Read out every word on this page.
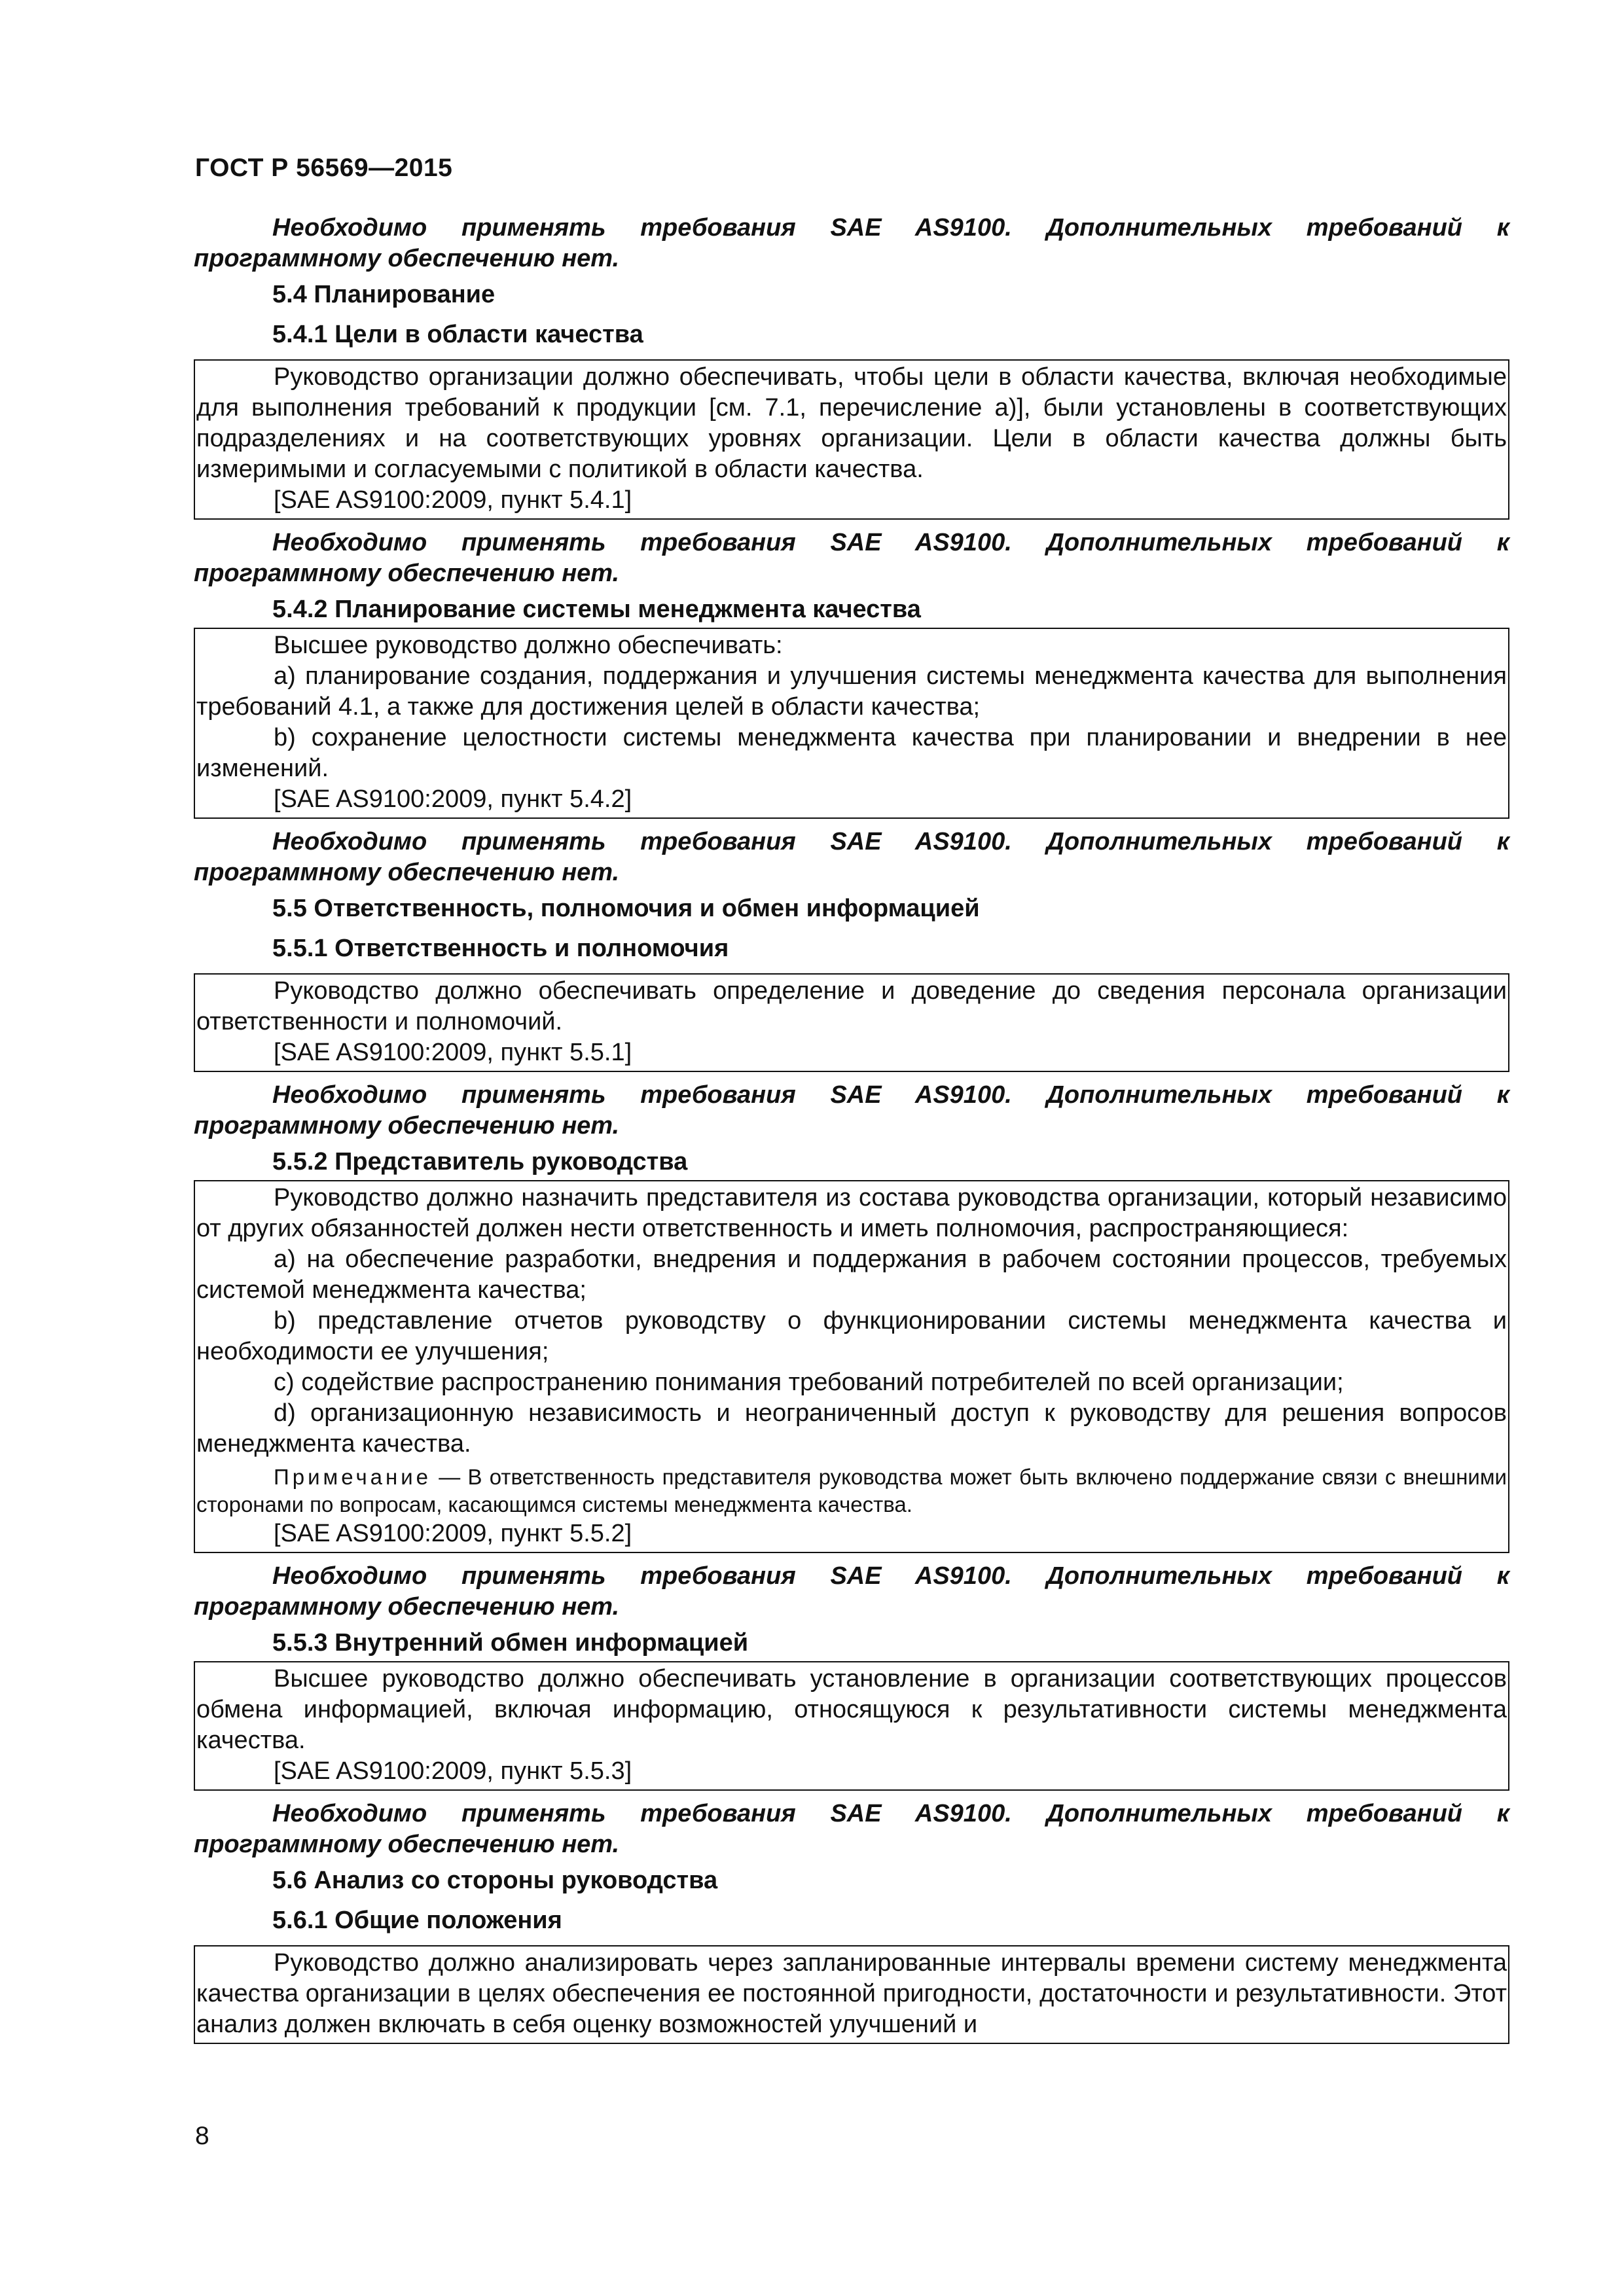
ГОСТ Р 56569—2015

Необходимо применять требования SAE AS9100. Дополнительных требований к программному обеспечению нет.

5.4 Планирование
5.4.1 Цели в области качества

Руководство организации должно обеспечивать, чтобы цели в области качества, включая необходимые для выполнения требований к продукции [см. 7.1, перечисление а)], были установлены в соответствующих подразделениях и на соответствующих уровнях организации. Цели в области качества должны быть измеримыми и согласуемыми с политикой в области качества.

[SAE AS9100:2009, пункт 5.4.1]

Необходимо применять требования SAE AS9100. Дополнительных требований к программному обеспечению нет.

5.4.2 Планирование системы менеджмента качества

Высшее руководство должно обеспечивать:

а) планирование создания, поддержания и улучшения системы менеджмента качества для выполнения требований 4.1, а также для достижения целей в области качества;

b) сохранение целостности системы менеджмента качества при планировании и внедрении в нее изменений.

[SAE AS9100:2009, пункт 5.4.2]

Необходимо применять требования SAE AS9100. Дополнительных требований к программному обеспечению нет.

5.5 Ответственность, полномочия и обмен информацией
5.5.1 Ответственность и полномочия

Руководство должно обеспечивать определение и доведение до сведения персонала организации ответственности и полномочий.

[SAE AS9100:2009, пункт 5.5.1]

Необходимо применять требования SAE AS9100. Дополнительных требований к программному обеспечению нет.

5.5.2 Представитель руководства

Руководство должно назначить представителя из состава руководства организации, который независимо от других обязанностей должен нести ответственность и иметь полномочия, распространяющиеся:

а) на обеспечение разработки, внедрения и поддержания в рабочем состоянии процессов, требуемых системой менеджмента качества;

b) представление отчетов руководству о функционировании системы менеджмента качества и необходимости ее улучшения;

с) содействие распространению понимания требований потребителей по всей организации;

d) организационную независимость и неограниченный доступ к руководству для решения вопросов менеджмента качества.

Примечание — В ответственность представителя руководства может быть включено поддержание связи с внешними сторонами по вопросам, касающимся системы менеджмента качества.

[SAE AS9100:2009, пункт 5.5.2]

Необходимо применять требования SAE AS9100. Дополнительных требований к программному обеспечению нет.

5.5.3 Внутренний обмен информацией

Высшее руководство должно обеспечивать установление в организации соответствующих процессов обмена информацией, включая информацию, относящуюся к результативности системы менеджмента качества.

[SAE AS9100:2009, пункт 5.5.3]

Необходимо применять требования SAE AS9100. Дополнительных требований к программному обеспечению нет.

5.6 Анализ со стороны руководства
5.6.1 Общие положения

Руководство должно анализировать через запланированные интервалы времени систему менеджмента качества организации в целях обеспечения ее постоянной пригодности, достаточности и результативности. Этот анализ должен включать в себя оценку возможностей улучшений и

8
